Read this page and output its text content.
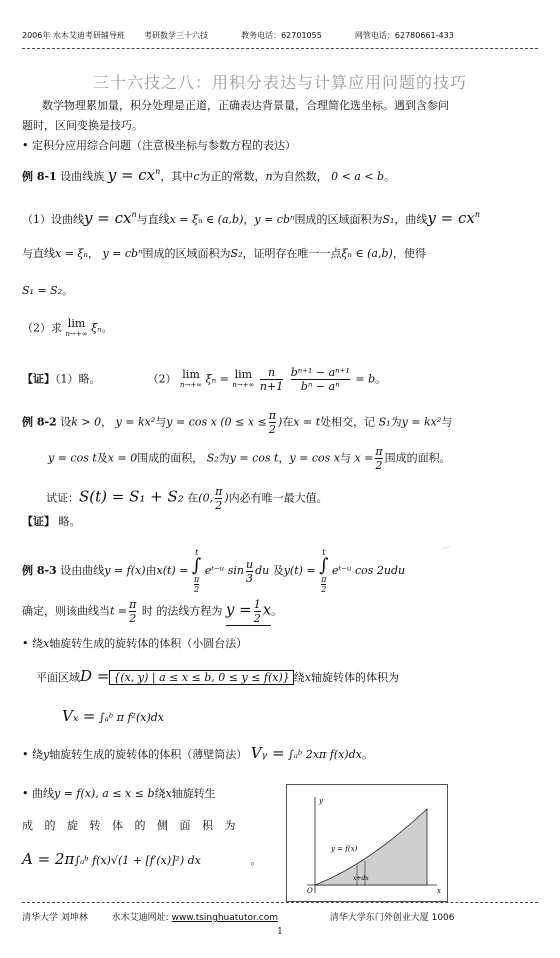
2006年 水木艾迪考研辅导班 考研数学三十六技	教务电话：62701055	网管电话：62780661-433
三十六技之八：用积分表达与计算应用问题的技巧
数学物理累加量，积分处理是正道，正确表达背景量，合理简化选坐标。遇到含参问
题时，区间变换是技巧。
• 定积分应用综合问题（注意极坐标与参数方程的表达）
例 8-1 设曲线族 $y = cx^n$，其中c为正的常数，n为自然数， 0 < a < b。
（1）设曲线$y = cx^n$与直线x = ξₙ ∈ (a,b)，y = cbⁿ围成的区域面积为S₁，曲线$y = cx^n$
与直线x = ξₙ， y = cbⁿ围成的区域面积为S₂，证明存在唯一一点ξₙ ∈ (a,b)，使得
S₁ = S₂。
（2）求 lim
n→+∞ ξₙ。
【证】（1）略。	（2） lim
n→+∞ ξₙ = lim
n→+∞
$\frac{n}{n+1}$
$\frac{\text{bⁿ⁺¹ − aⁿ⁺¹}}{\text{bⁿ − aⁿ}} = b$。
例 8-2 设k > 0， y = kx²与y = cos x ($0 \le x \le \frac{\pi}{2}$ )在x = t处相交，记 S₁为y = kx²与
y = cos t及x = 0围成的面积， S₂为y = cos t，y = cos x与 $x = \frac{\pi}{2}$ 围成的面积。
试证：S(t) = S₁ + S₂ 在(0, $\frac{\pi}{2}$ )内必有唯一最大值。
【证】 略。
例 8-3 设由曲线y = f(x)由x(t) =
t
∫
$\frac{\pi}{2}$
eᵗ⁻ᵘ $\sin \frac{u}{3}$ du 及y(t) =
t
∫
$\frac{\pi}{2}$
eᵗ⁻ᵘ cos 2udu
确定，则该曲线当$t = \frac{\pi}{2}$ 时 的法线方程为 $y = \frac{1}{2}$ x。
• 绕x轴旋转生成的旋转体的体积（小圆台法）
平面区域D = {(x, y) | a ≤ x ≤ b, 0 ≤ y ≤ f(x)} 绕x轴旋转体的体积为
Vₓ = ∫ₐᵇ π f²(x)dx
• 绕y轴旋转生成的旋转体的体积（薄壁筒法） Vᵧ = ∫ₐᵇ 2xπ f(x)dx。
• 曲线y = f(x), a ≤ x ≤ b绕x轴旋转生
成 的 旋 转 体 的 侧 面 积 为
A = 2π∫ₐᵇ f(x)√(1 + [f′(x)]²) dx	。
y = f(x)
x
O
x+dx
y
~
清华大学 刘坤林	水木艾迪网址: www.tsinghuatutor.com	清华大学东门外创业大厦 1006
1
